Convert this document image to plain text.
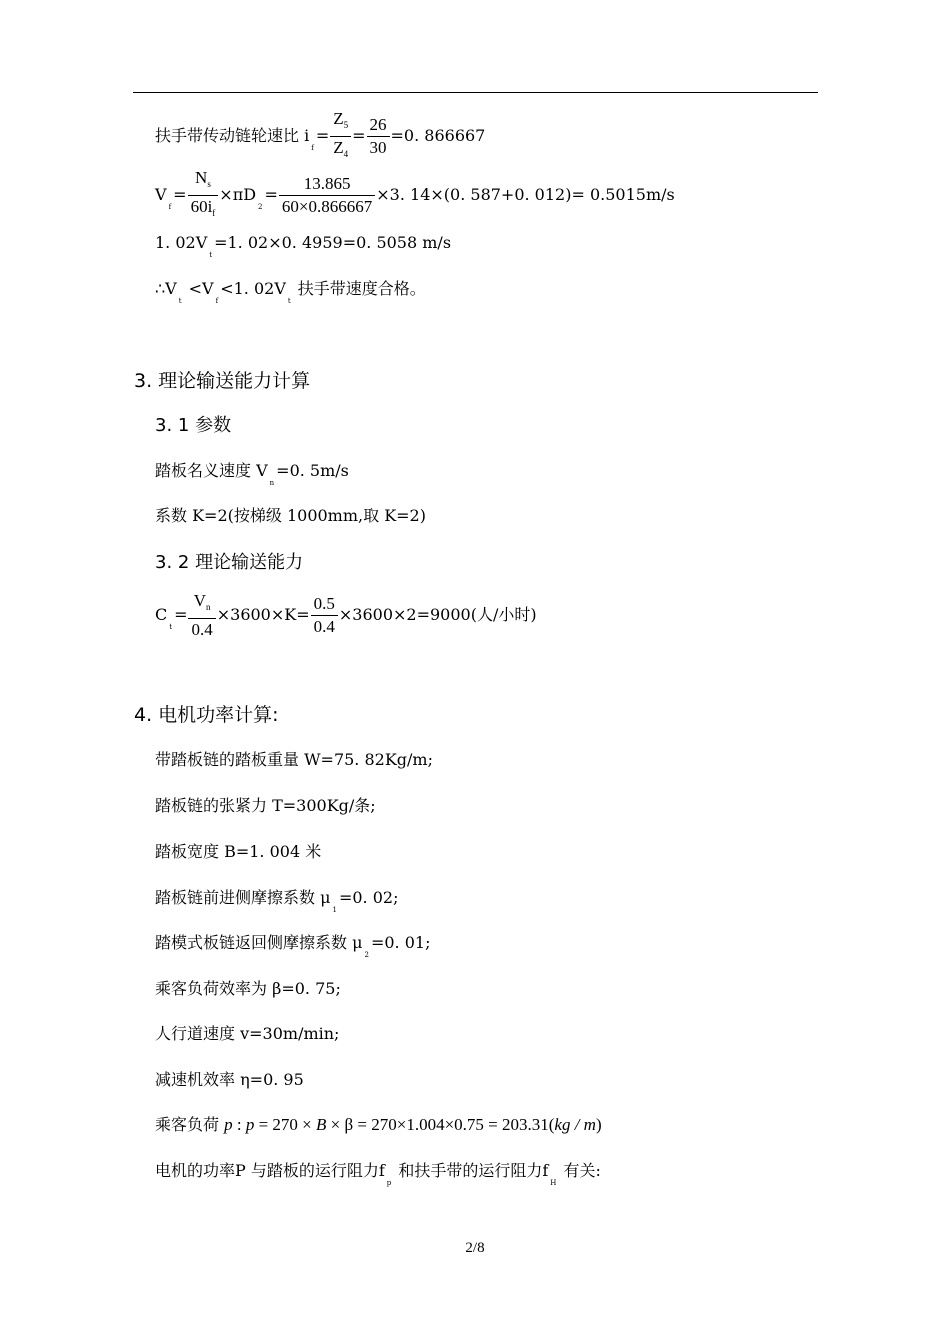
扶手带传动链轮速比 $i_f= \frac{Z_5}{Z_4} = \frac{26}{30} =0$. 866667
$V_f= \frac{N_s}{60i_f} \times\pi D_2= \frac{13.865}{60\times 0.866667} \times 3$. 14×(0. 587+0. 012)= 0.5015m/s
1. $02V_t=1$. 02×0. 4959=0. 5058 m/s
$\therefore V_t <V_f<1$. $02V_t$ 扶手带速度合格。
3. 理论输送能力计算
3. 1 参数
踏板名义速度 $V_n=0$. 5m/s
系数 K=2(按梯级 1000mm,取 K=2)
3. 2 理论输送能力
$C_t= \frac{V_n}{0.4} \times 3600\times K= \frac{0.5}{0.4} \times 3600\times 2=9000$(人/小时)
4. 电机功率计算:
带踏板链的踏板重量 W=75. 82Kg/m;
踏板链的张紧力 T=300Kg/条;
踏板宽度 B=1. 004 米
踏板链前进侧摩擦系数 $\mu_1=0$. 02;
踏模式板链返回侧摩擦系数 $\mu_2=0$. 01;
乘客负荷效率为 β=0. 75;
人行道速度 v=30m/min;
减速机效率 η=0. 95
乘客负荷 p : p = 270 × B × β = 270×1.004×0.75 = 203.31(kg / m)
电机的功率P 与踏板的运行阻力$f_p$ 和扶手带的运行阻力$f_H$ 有关:
2/8
